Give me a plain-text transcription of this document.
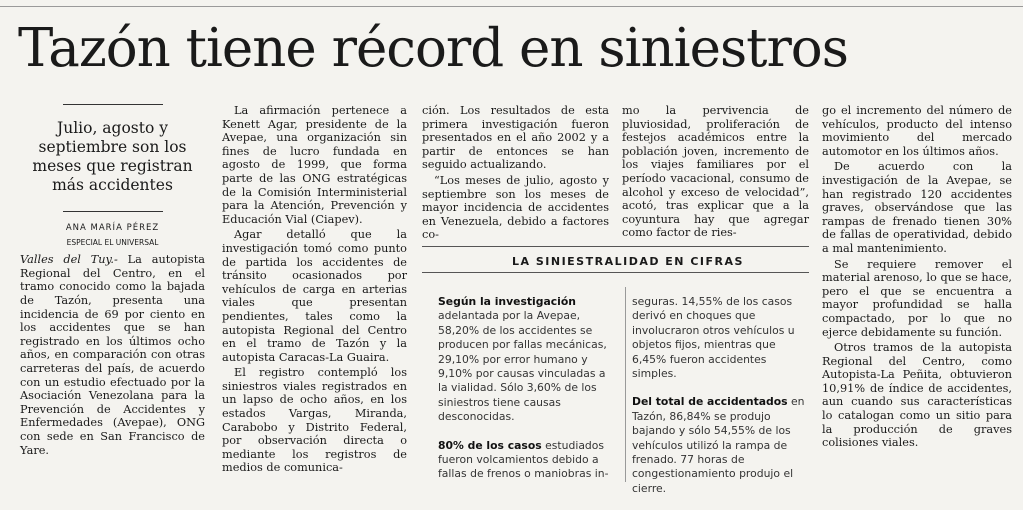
Tazón tiene récord en siniestros
Julio, agosto y septiembre son los meses que registran más accidentes
ANA MARÍA PÉREZ
ESPECIAL EL UNIVERSAL

Valles del Tuy.- La autopista Regional del Centro, en el tramo conocido como la bajada de Tazón, presenta una incidencia de 69 por ciento en los accidentes que se han registrado en los últimos ocho años, en comparación con otras carreteras del país, de acuerdo con un estudio efectuado por la Asociación Venezolana para la Prevención de Accidentes y Enfermedades (Avepae), ONG con sede en San Francisco de Yare.

La afirmación pertenece a Kenett Agar, presidente de la Avepae, una organización sin fines de lucro fundada en agosto de 1999, que forma parte de las ONG estratégicas de la Comisión Interministerial para la Atención, Prevención y Educación Vial (Ciapev).

Agar detalló que la investigación tomó como punto de partida los accidentes de tránsito ocasionados por vehículos de carga en arterias viales que presentan pendientes, tales como la autopista Regional del Centro en el tramo de Tazón y la autopista Caracas-La Guaira.

El registro contempló los siniestros viales registrados en un lapso de ocho años, en los estados Vargas, Miranda, Carabobo y Distrito Federal, por observación directa o mediante los registros de medios de comunica-

ción. Los resultados de esta primera investigación fueron presentados en el año 2002 y a partir de entonces se han seguido actualizando.

“Los meses de julio, agosto y septiembre son los meses de mayor incidencia de accidentes en Venezuela, debido a factores co-

mo la pervivencia de pluviosidad, proliferación de festejos académicos entre la población joven, incremento de los viajes familiares por el período vacacional, consumo de alcohol y exceso de velocidad”, acotó, tras explicar que a la coyuntura hay que agregar como factor de ries-

go el incremento del número de vehículos, producto del intenso movimiento del mercado automotor en los últimos años.

De acuerdo con la investigación de la Avepae, se han registrado 120 accidentes graves, observándose que las rampas de frenado tienen 30% de fallas de operatividad, debido a mal mantenimiento.

Se requiere remover el material arenoso, lo que se hace, pero el que se encuentra a mayor profundidad se halla compactado, por lo que no ejerce debidamente su función.

Otros tramos de la autopista Regional del Centro, como Autopista-La Peñita, obtuvieron 10,91% de índice de accidentes, aun cuando sus características lo catalogan como un sitio para la producción de graves colisiones viales.

LA SINIESTRALIDAD EN CIFRAS

Según la investigación adelantada por la Avepae, 58,20% de los accidentes se producen por fallas mecánicas, 29,10% por error humano y 9,10% por causas vinculadas a la vialidad. Sólo 3,60% de los siniestros tiene causas desconocidas.

80% de los casos estudiados fueron volcamientos debido a fallas de frenos o maniobras in-

seguras. 14,55% de los casos derivó en choques que involucraron otros vehículos u objetos fijos, mientras que 6,45% fueron accidentes simples.

Del total de accidentados en Tazón, 86,84% se produjo bajando y sólo 54,55% de los vehículos utilizó la rampa de frenado. 77 horas de congestionamiento produjo el cierre.
